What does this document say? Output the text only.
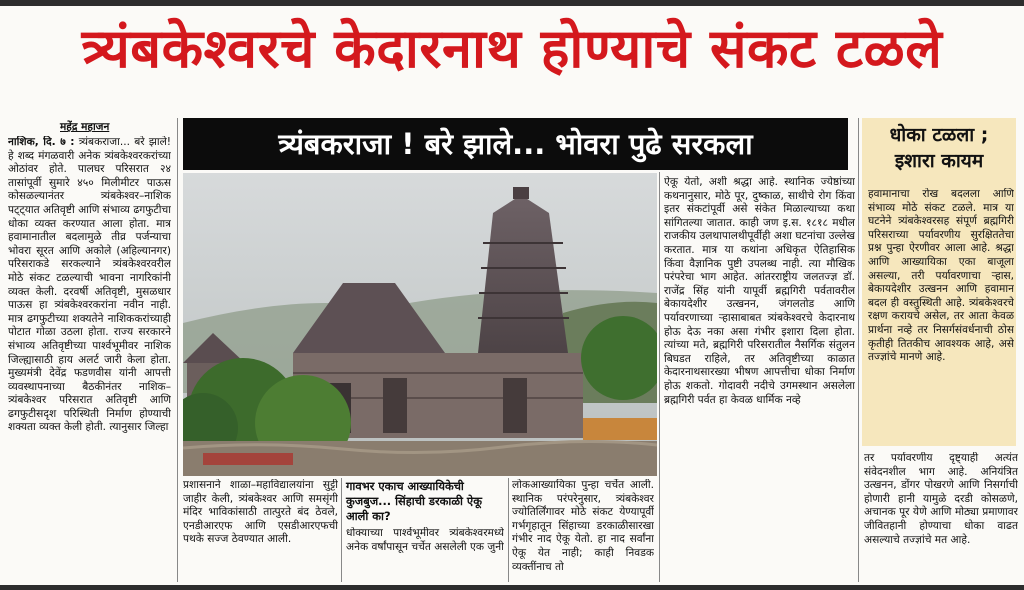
त्र्यंबकेश्वरचे केदारनाथ होण्याचे संकट टळले
महेंद्र महाजन

नाशिक, दि. ७ : त्र्यंबकराजा... बरे झाले! हे शब्द मंगळवारी अनेक त्र्यंबकेश्वरकरांच्या ओठांवर होते. पालघर परिसरात २४ तासांपूर्वी सुमारे ४५० मिलीमीटर पाऊस कोसळल्यानंतर त्र्यंबकेश्वर–नाशिक पट्ट्यात अतिवृष्टी आणि संभाव्य ढगफुटीचा धोका व्यक्त करण्यात आला होता. मात्र हवामानातील बदलामुळे तीव्र पर्जन्याचा भोवरा सूरत आणि अकोले (अहिल्यानगर) परिसराकडे सरकल्याने त्र्यंबकेश्वरवरील मोठे संकट टळल्याची भावना नागरिकांनी व्यक्त केली. दरवर्षी अतिवृष्टी, मुसळधार पाऊस हा त्र्यंबकेश्वरकरांना नवीन नाही. मात्र ढगफुटीच्या शक्यतेने नाशिककरांच्याही पोटात गोळा उठला होता. राज्य सरकारने संभाव्य अतिवृष्टीच्या पार्श्वभूमीवर नाशिक जिल्ह्यासाठी हाय अलर्ट जारी केला होता. मुख्यमंत्री देवेंद्र फडणवीस यांनी आपत्ती व्यवस्थापनाच्या बैठकीनंतर नाशिक–त्र्यंबकेश्वर परिसरात अतिवृष्टी आणि ढगफुटीसदृश परिस्थिती निर्माण होण्याची शक्यता व्यक्त केली होती. त्यानुसार जिल्हा

त्र्यंबकराजा ! बरे झाले... भोवरा पुढे सरकला

प्रशासनाने शाळा–महाविद्यालयांना सुट्टी जाहीर केली, त्र्यंबकेश्वर आणि समसृंगी मंदिर भाविकांसाठी तात्पुरते बंद ठेवले, एनडीआरएफ आणि एसडीआरएफची पथके सज्ज ठेवण्यात आली.

गावभर एकाच आख्यायिकेची कुजबुज... सिंहाची डरकाळी ऐकू आली का?

धोक्याच्या पार्श्वभूमीवर त्र्यंबकेश्वरमध्ये अनेक वर्षांपासून चर्चेत असलेली एक जुनी

लोकआख्यायिका पुन्हा चर्चेत आली. स्थानिक परंपरेनुसार, त्र्यंबकेश्वर ज्योतिर्लिंगावर मोठे संकट येण्यापूर्वी गर्भगृहातून सिंहाच्या डरकाळीसारखा गंभीर नाद ऐकू येतो. हा नाद सर्वांना ऐकू येत नाही; काही निवडक व्यक्तींनाच तो

ऐकू येतो, अशी श्रद्धा आहे. स्थानिक ज्येष्ठांच्या कथनानुसार, मोठे पूर, दुष्काळ, साथीचे रोग किंवा इतर संकटांपूर्वी असे संकेत मिळाल्याच्या कथा सांगितल्या जातात. काही जण इ.स. १८१८ मधील राजकीय उलथापालथीपूर्वीही अशा घटनांचा उल्लेख करतात. मात्र या कथांना अधिकृत ऐतिहासिक किंवा वैज्ञानिक पुष्टी उपलब्ध नाही. त्या मौखिक परंपरेचा भाग आहेत. आंतरराष्ट्रीय जलतज्ज्ञ डॉ. राजेंद्र सिंह यांनी यापूर्वी ब्रह्मगिरी पर्वतावरील बेकायदेशीर उत्खनन, जंगलतोड आणि पर्यावरणाच्या ऱ्हासाबाबत त्र्यंबकेश्वरचे केदारनाथ होऊ देऊ नका असा गंभीर इशारा दिला होता. त्यांच्या मते, ब्रह्मगिरी परिसरातील नैसर्गिक संतुलन बिघडत राहिले, तर अतिवृष्टीच्या काळात केदारनाथसारख्या भीषण आपत्तीचा धोका निर्माण होऊ शकतो. गोदावरी नदीचे उगमस्थान असलेला ब्रह्मगिरी पर्वत हा केवळ धार्मिक नव्हे

धोका टळला ;
इशारा कायम

हवामानाचा रोख बदलला आणि संभाव्य मोठे संकट टळले. मात्र या घटनेने त्र्यंबकेश्वरसह संपूर्ण ब्रह्मगिरी परिसराच्या पर्यावरणीय सुरक्षिततेचा प्रश्न पुन्हा ऐरणीवर आला आहे. श्रद्धा आणि आख्यायिका एका बाजूला असल्या, तरी पर्यावरणाचा ऱ्हास, बेकायदेशीर उत्खनन आणि हवामान बदल ही वस्तुस्थिती आहे. त्र्यंबकेश्वरचे रक्षण करायचे असेल, तर आता केवळ प्रार्थना नव्हे तर निसर्गसंवर्धनाची ठोस कृतीही तितकीच आवश्यक आहे, असे तज्ज्ञांचे मानणे आहे.

तर पर्यावरणीय दृष्ट्याही अत्यंत संवेदनशील भाग आहे. अनियंत्रित उत्खनन, डोंगर पोखरणे आणि निसर्गाची होणारी हानी यामुळे दरडी कोसळणे, अचानक पूर येणे आणि मोठ्या प्रमाणावर जीवितहानी होण्याचा धोका वाढत असल्याचे तज्ज्ञांचे मत आहे.
